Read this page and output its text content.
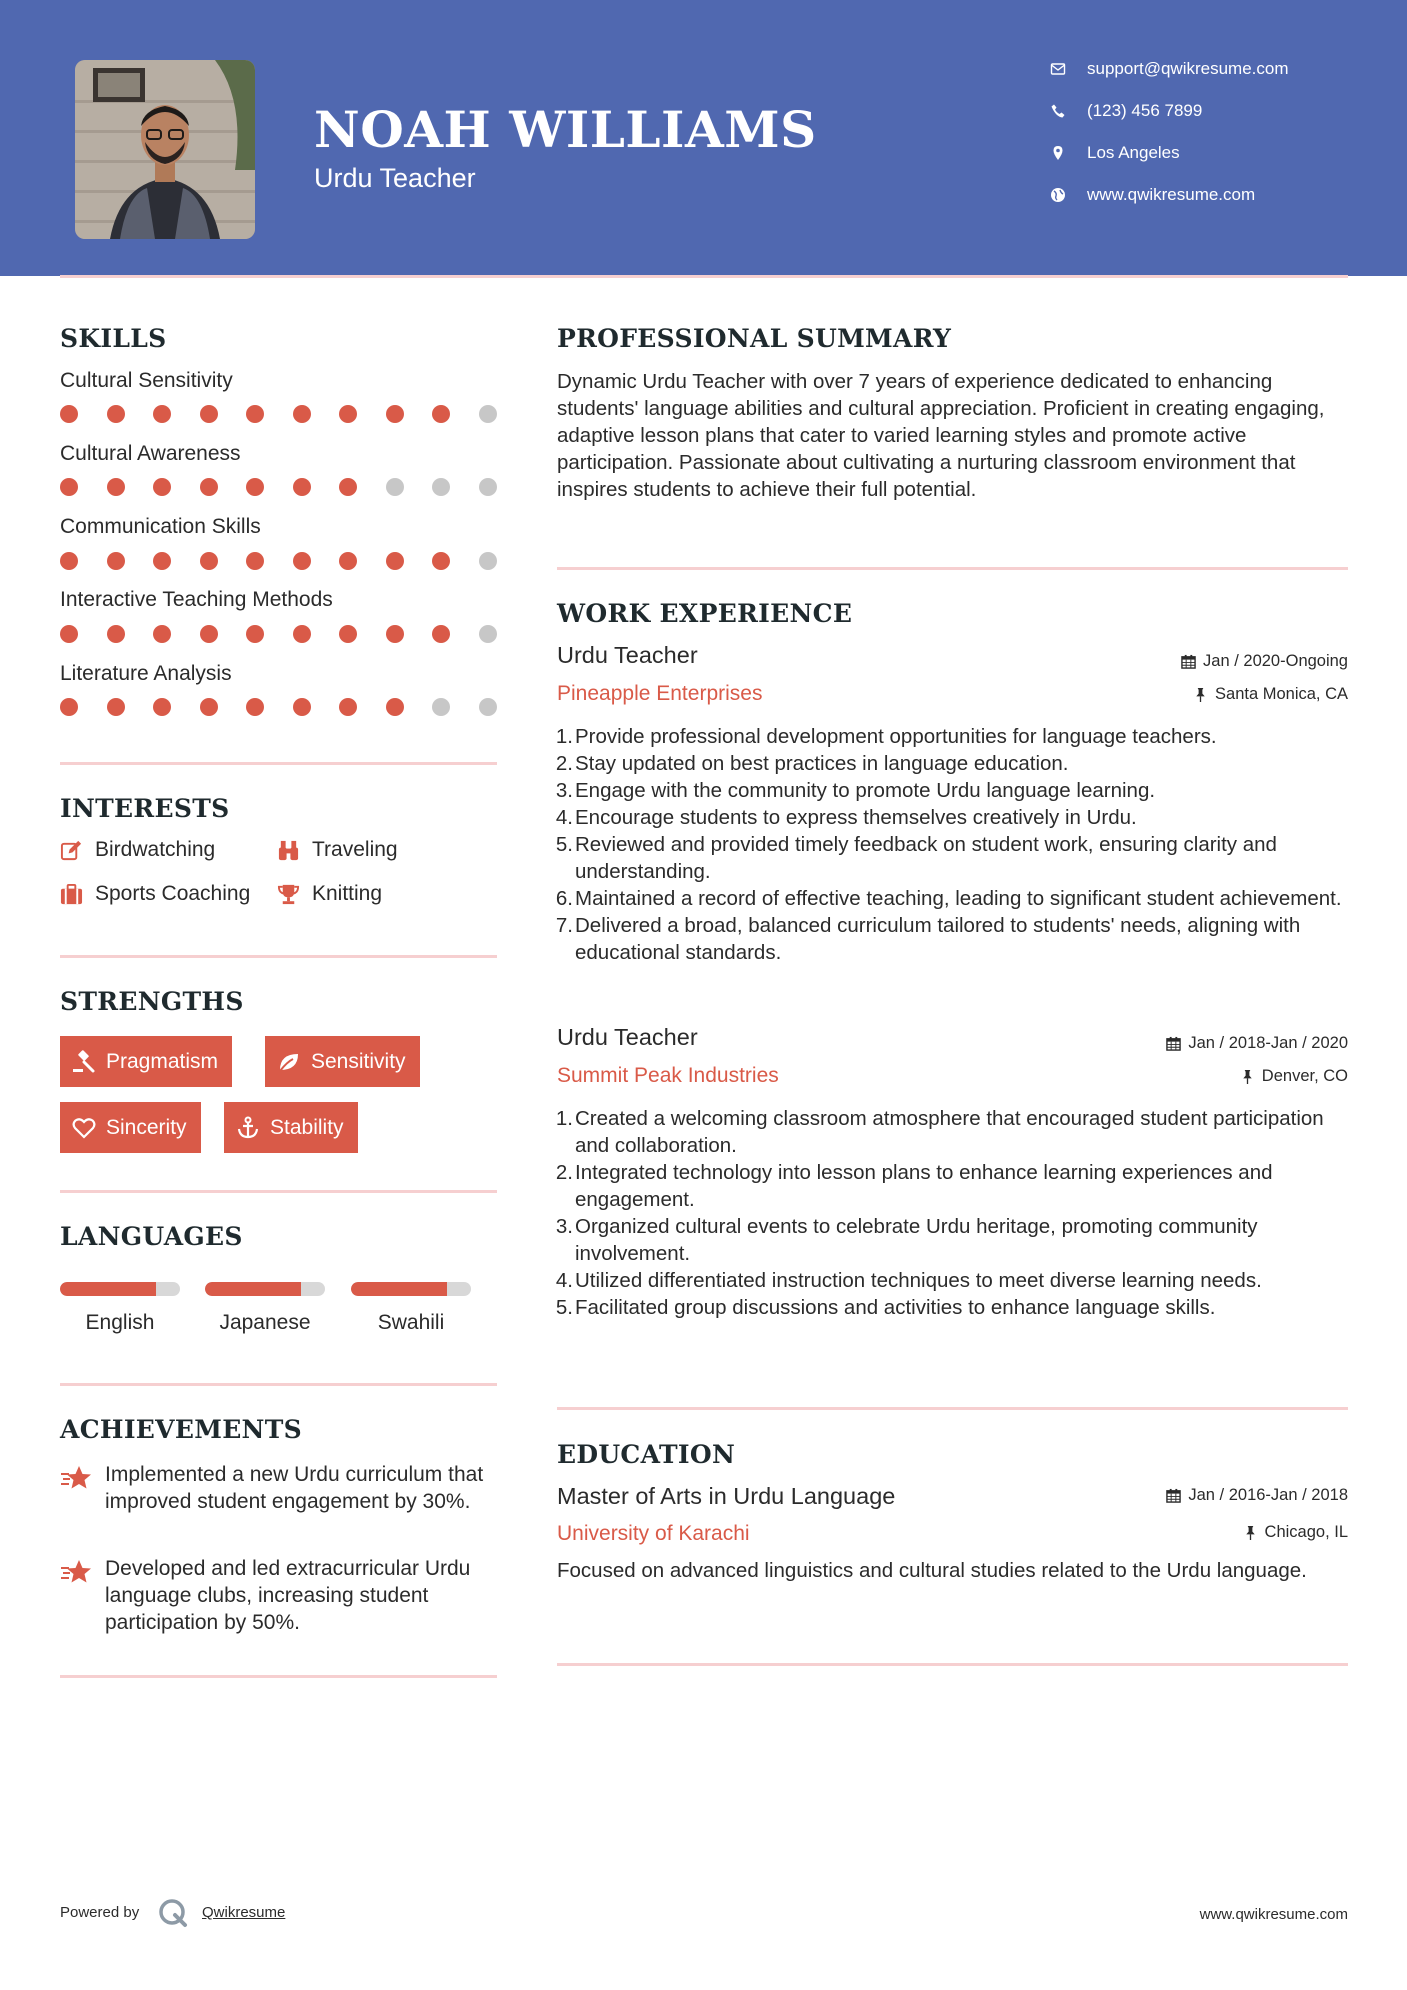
NOAH WILLIAMS
Urdu Teacher
support@qwikresume.com
(123) 456 7899
Los Angeles
www.qwikresume.com
SKILLS
Cultural Sensitivity
Cultural Awareness
Communication Skills
Interactive Teaching Methods
Literature Analysis
INTERESTS
Birdwatching	Traveling
Sports Coaching	Knitting
STRENGTHS
Pragmatism	Sensitivity
Sincerity	Stability
LANGUAGES
English	Japanese	Swahili
ACHIEVEMENTS
Implemented a new Urdu curriculum that improved student engagement by 30%.
Developed and led extracurricular Urdu language clubs, increasing student participation by 50%.
PROFESSIONAL SUMMARY
Dynamic Urdu Teacher with over 7 years of experience dedicated to enhancing students' language abilities and cultural appreciation. Proficient in creating engaging, adaptive lesson plans that cater to varied learning styles and promote active participation. Passionate about cultivating a nurturing classroom environment that inspires students to achieve their full potential.
WORK EXPERIENCE
Urdu Teacher	Jan / 2020-Ongoing
Pineapple Enterprises	Santa Monica, CA
1. Provide professional development opportunities for language teachers.
2. Stay updated on best practices in language education.
3. Engage with the community to promote Urdu language learning.
4. Encourage students to express themselves creatively in Urdu.
5. Reviewed and provided timely feedback on student work, ensuring clarity and understanding.
6. Maintained a record of effective teaching, leading to significant student achievement.
7. Delivered a broad, balanced curriculum tailored to students' needs, aligning with educational standards.
Urdu Teacher	Jan / 2018-Jan / 2020
Summit Peak Industries	Denver, CO
1. Created a welcoming classroom atmosphere that encouraged student participation and collaboration.
2. Integrated technology into lesson plans to enhance learning experiences and engagement.
3. Organized cultural events to celebrate Urdu heritage, promoting community involvement.
4. Utilized differentiated instruction techniques to meet diverse learning needs.
5. Facilitated group discussions and activities to enhance language skills.
EDUCATION
Master of Arts in Urdu Language	Jan / 2016-Jan / 2018
University of Karachi	Chicago, IL
Focused on advanced linguistics and cultural studies related to the Urdu language.
Powered by	Qwikresume	www.qwikresume.com
